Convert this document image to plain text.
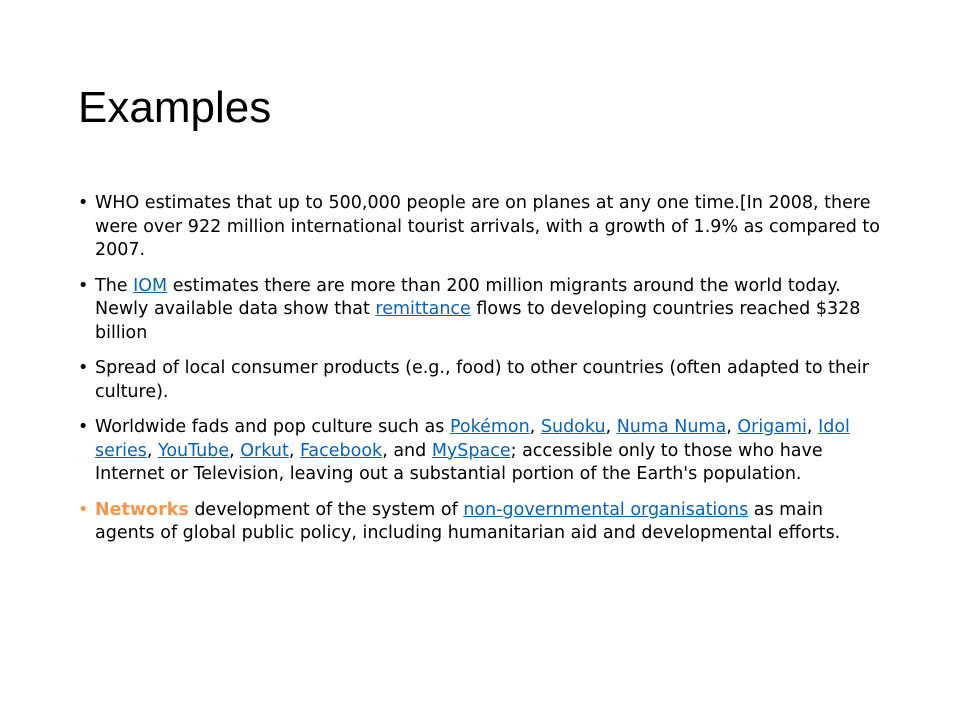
Examples
• WHO estimates that up to 500,000 people are on planes at any one time.[In 2008, there were over 922 million international tourist arrivals, with a growth of 1.9% as compared to 2007.
• The IOM estimates there are more than 200 million migrants around the world today. Newly available data show that remittance flows to developing countries reached $328 billion
• Spread of local consumer products (e.g., food) to other countries (often adapted to their culture).
• Worldwide fads and pop culture such as Pokémon, Sudoku, Numa Numa, Origami, Idol series, YouTube, Orkut, Facebook, and MySpace; accessible only to those who have Internet or Television, leaving out a substantial portion of the Earth's population.
• Networks development of the system of non-governmental organisations as main agents of global public policy, including humanitarian aid and developmental efforts.
